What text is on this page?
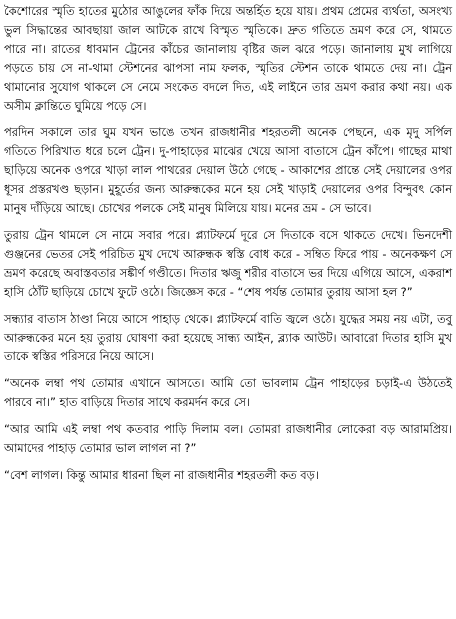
কৈশোরের স্মৃতি হাতের মুঠোর আঙুলের ফাঁক দিয়ে অন্তর্হিত হয়ে যায়। প্রথম প্রেমের ব্যর্থতা, অসংখ্য ভুল সিদ্ধান্তের আবছায়া জাল আটকে রাখে বিস্মৃত স্মৃতিকে। দ্রুত গতিতে ভ্রমণ করে সে, থামতে পারে না। রাতের ধাবমান ট্রেনের কাঁচের জানালায় বৃষ্টির জল ঝরে পড়ে। জানালায় মুখ লাগিয়ে পড়তে চায় সে না-থামা স্টেশনের ঝাপসা নাম ফলক, স্মৃতির স্টেশন তাকে থামতে দেয় না। ট্রেন থামানোর সুযোগ থাকলে সে নেমে সংকেত বদলে দিত, এই লাইনে তার ভ্রমণ করার কথা নয়। এক অসীম ক্লান্তিতে ঘুমিয়ে পড়ে সে।

পরদিন সকালে তার ঘুম যখন ভাঙে তখন রাজধানীর শহরতলী অনেক পেছনে, এক মৃদু সর্পিল গতিতে পিরিখাত ধরে চলে ট্রেন। দু-পাহাড়ের মাঝের খেয়ে আসা বাতাসে ট্রেন কাঁপে। গাছের মাথা ছাড়িয়ে অনেক ওপরে খাড়া লাল পাথরের দেয়াল উঠে গেছে - আকাশের প্রান্তে সেই দেয়ালের ওপর ধূসর প্রস্তরখণ্ড ছড়ান। মুহূর্তের জন্য আরুন্ধকের মনে হয় সেই খাড়াই দেয়ালের ওপর বিন্দুবৎ কোন মানুষ দাঁড়িয়ে আছে। চোখের পলকে সেই মানুষ মিলিয়ে যায়। মনের ভ্রম - সে ভাবে।

তুরায় ট্রেন থামলে সে নামে সবার পরে। প্ল্যাটফর্মে দূরে সে দিতাকে বসে থাকতে দেখে। ভিনদেশী গুঞ্জনের ভেতর সেই পরিচিত মুখ দেখে আরুন্ধক স্বস্তি বোধ করে - সম্বিত ফিরে পায় - অনেকক্ষণ সে ভ্রমণ করেছে অবাস্তবতার সঙ্কীর্ণ গণ্ডীতে। দিতার ঋজু শরীর বাতাসে ভর দিয়ে এগিয়ে আসে, একরাশ হাসি ঠোঁট ছাড়িয়ে চোখে ফুটে ওঠে। জিজ্ঞেস করে - “শেষ পর্যন্ত তোমার তুরায় আসা হল ?”

সন্ধ্যার বাতাস ঠাণ্ডা নিয়ে আসে পাহাড় থেকে। প্ল্যাটফর্মে বাতি জ্বলে ওঠে। যুদ্ধের সময় নয় এটা, তবু আরুন্ধকের মনে হয় তুরায় ঘোষণা করা হয়েছে সান্ধ্য আইন, ব্ল্যাক আউট। আবারো দিতার হাসি মুখ তাকে স্বস্তির পরিসরে নিয়ে আসে।

“অনেক লম্বা পথ তোমার এখানে আসতে। আমি তো ভাবলাম ট্রেন পাহাড়ের চড়াই-এ উঠতেই পারবে না।” হাত বাড়িয়ে দিতার সাথে করমর্দন করে সে।

“আর আমি এই লম্বা পথ কতবার পাড়ি দিলাম বল। তোমরা রাজধানীর লোকেরা বড় আরামপ্রিয়। আমাদের পাহাড় তোমার ভাল লাগল না ?”

“বেশ লাগল। কিন্তু আমার ধারনা ছিল না রাজধানীর শহরতলী কত বড়।
